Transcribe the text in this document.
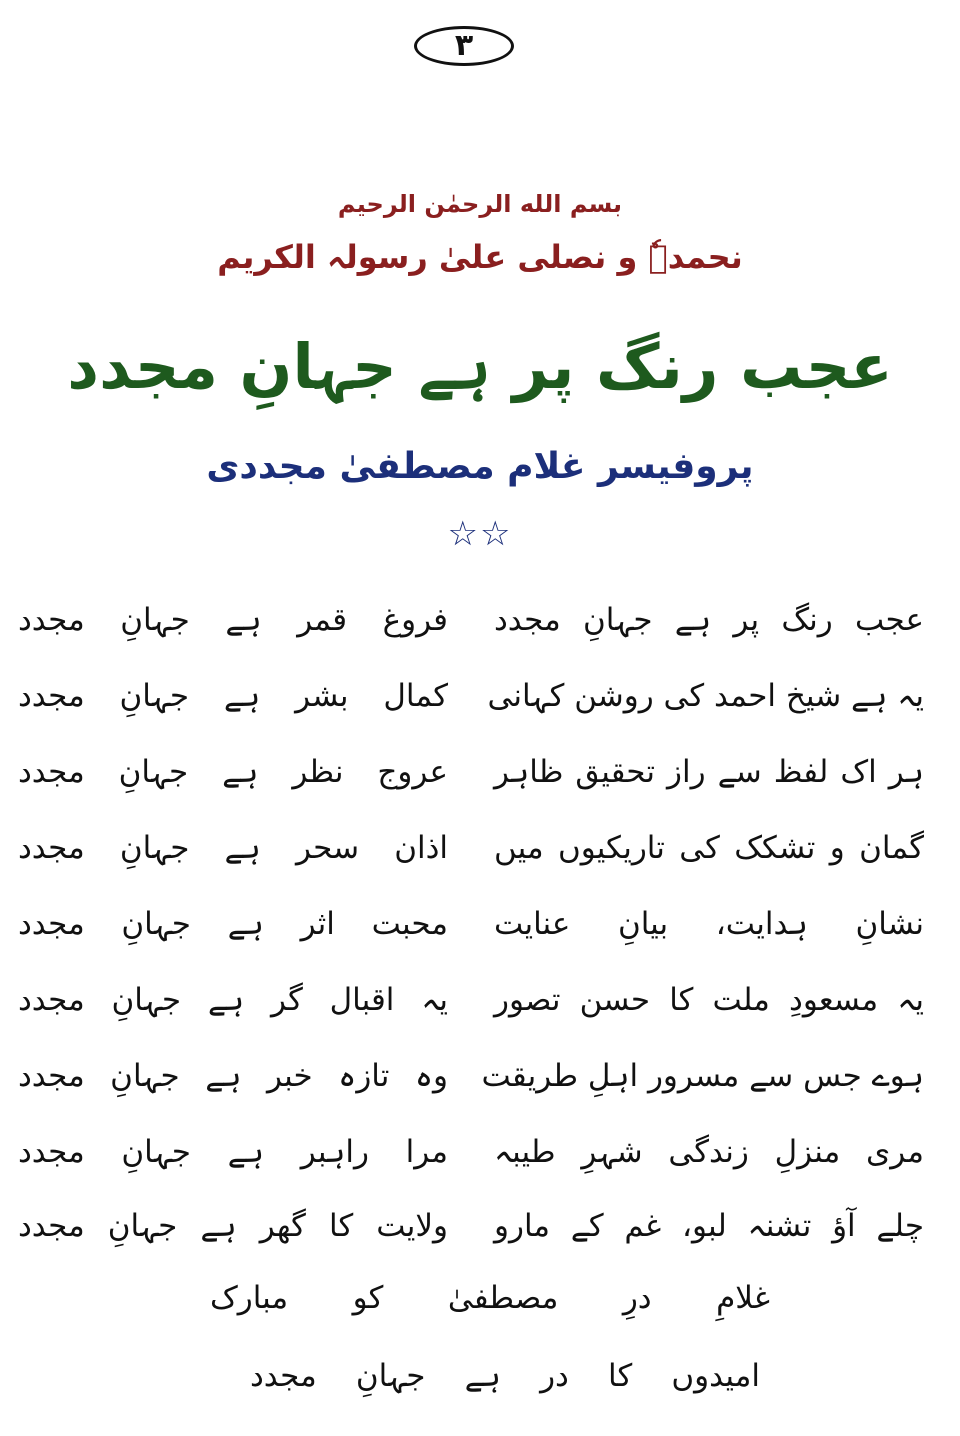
٣
بسم الله الرحمٰن الرحیم
نحمدہٗ و نصلی علیٰ رسولہ الکریم
عجب رنگ پر ہے جہانِ مجدد
پروفیسر غلام مصطفیٰ مجددی
☆☆
عجب رنگ پر ہے جہانِ مجدد
فروغ قمر ہے جہانِ مجدد
یہ ہے شیخ احمد کی روشن کہانی
کمال بشر ہے جہانِ مجدد
ہر اک لفظ سے راز تحقیق ظاہر
عروج نظر ہے جہانِ مجدد
گمان و تشکک کی تاریکیوں میں
اذان سحر ہے جہانِ مجدد
نشانِ ہدایت، بیانِ عنایت
محبت اثر ہے جہانِ مجدد
یہ مسعودِ ملت کا حسن تصور
یہ اقبال گر ہے جہانِ مجدد
ہوے جس سے مسرور اہلِ طریقت
وہ تازہ خبر ہے جہانِ مجدد
مری منزلِ زندگی شہرِ طیبہ
مرا راہبر ہے جہانِ مجدد
چلے آؤ تشنہ لبو، غم کے مارو
ولایت کا گھر ہے جہانِ مجدد
غلامِ درِ مصطفیٰ کو مبارک
امیدوں کا در ہے جہانِ مجدد
